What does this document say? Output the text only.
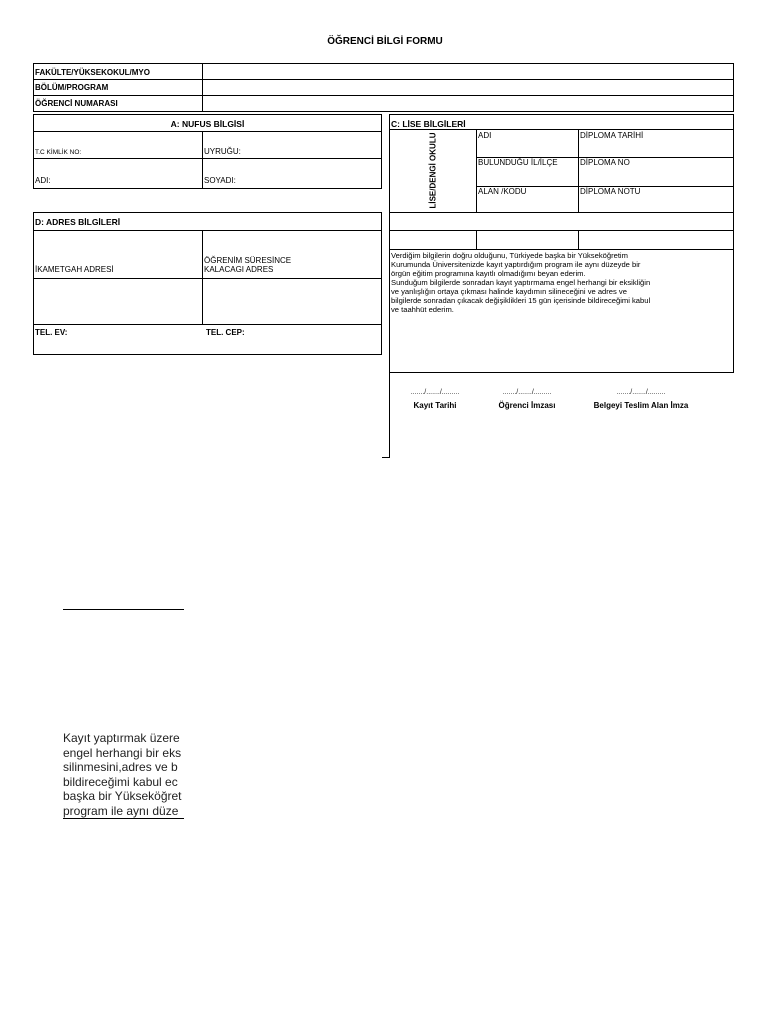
ÖĞRENCİ BİLGİ FORMU
FAKÜLTE/YÜKSEKOKUL/MYO
BÖLÜM/PROGRAM
ÖĞRENCİ NUMARASI
A: NUFUS BİLGİSİ
T.C KİMLİK NO:	UYRUĞU:
ADI:	SOYADI:
D: ADRES BİLGİLERİ
İKAMETGAH ADRESİ
ÖĞRENİM SÜRESİNCE
KALACAGI ADRES
TEL. EV:	TEL. CEP:
C: LİSE BİLGİLERİ
LİSE/DENGİ OKULU	ADI	DİPLOMA TARİHİ
BULUNDUĞU İL/İLÇE	DİPLOMA NO
ALAN /KODU	DİPLOMA NOTU
Verdiğim bilgilerin doğru olduğunu, Türkiyede başka bir Yükseköğretim
Kurumunda Üniversitenizde kayıt yaptırdığım program ile aynı düzeyde bir
örgün eğitim programına kayıtlı olmadığımı beyan ederim.
Sunduğum bilgilerde sonradan kayıt yaptırmama engel herhangi bir eksikliğin
ve yanlışlığın ortaya çıkması halinde kaydımın silineceğini ve adres ve
bilgilerde sonradan çıkacak değişiklikleri 15 gün içerisinde bildireceğimi kabul
ve taahhüt ederim.
......./......./.........	......./......./.........	......./......./.........
Kayıt Tarihi	Öğrenci İmzası	Belgeyi Teslim Alan İmza
Kayıt yaptırmak üzere
engel herhangi bir eks
silinmesini,adres ve b
bildireceğimi kabul ec
başka bir Yükseköğret
program ile aynı düze
